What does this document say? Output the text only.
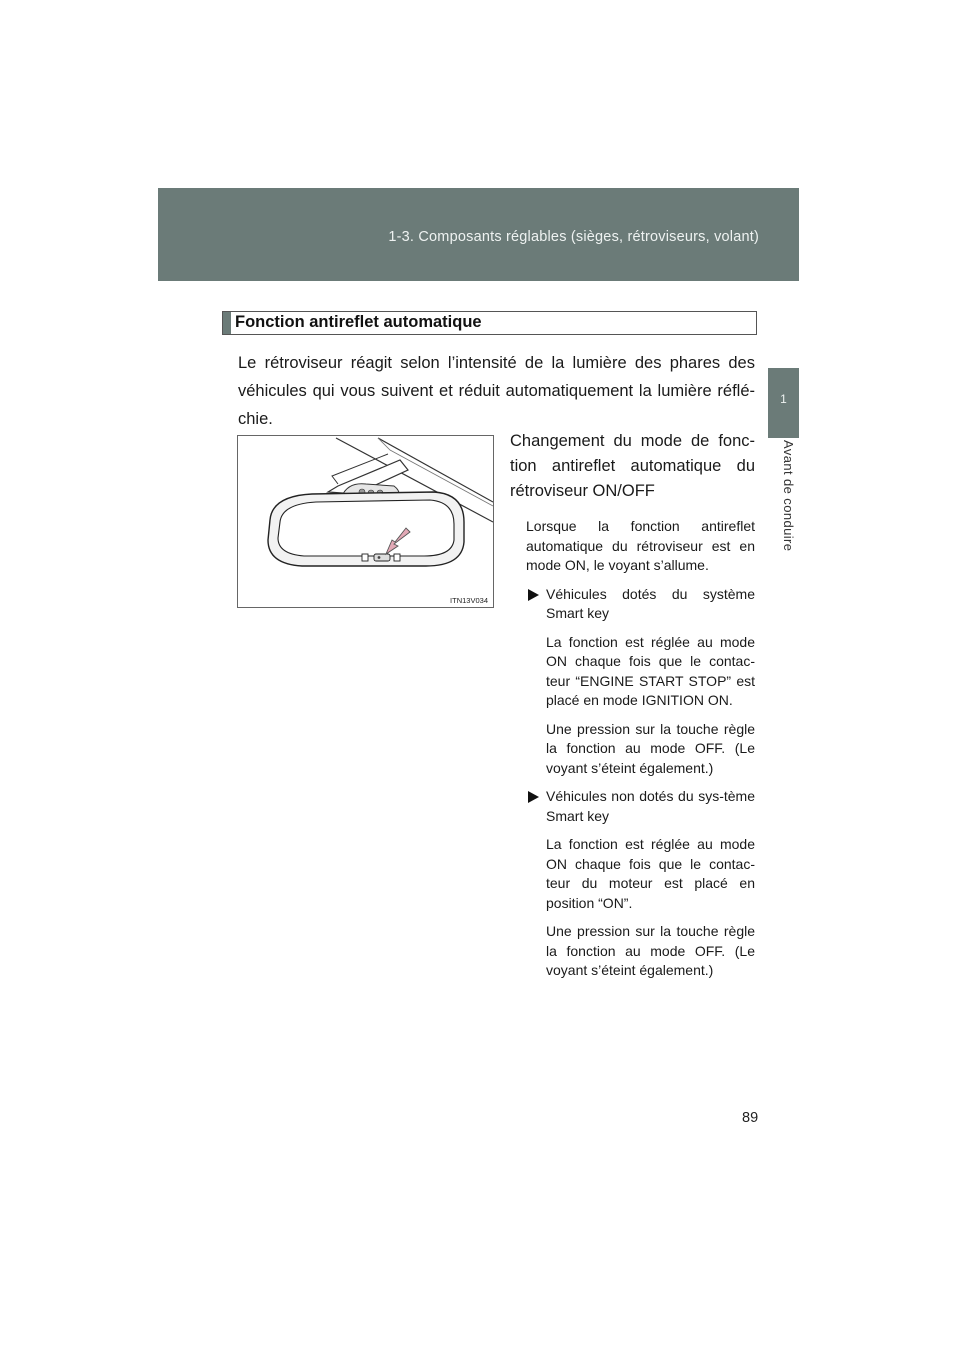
1-3. Composants réglables (sièges, rétroviseurs, volant)
1
Avant de conduire
Fonction antireflet automatique

Le rétroviseur réagit selon l’intensité de la lumière des phares des véhicules qui vous suivent et réduit automatiquement la lumière réflé-chie.

ITN13V034

Changement du mode de fonc-tion antireflet automatique du rétroviseur ON/OFF

Lorsque la fonction antireflet automatique du rétroviseur est en mode ON, le voyant s’allume.

Véhicules dotés du système Smart key

La fonction est réglée au mode ON chaque fois que le contac-teur “ENGINE START STOP” est placé en mode IGNITION ON.

Une pression sur la touche règle la fonction au mode OFF. (Le voyant s’éteint également.)

Véhicules non dotés du sys-tème Smart key

La fonction est réglée au mode ON chaque fois que le contac-teur du moteur est placé en position “ON”.

Une pression sur la touche règle la fonction au mode OFF. (Le voyant s’éteint également.)

89
